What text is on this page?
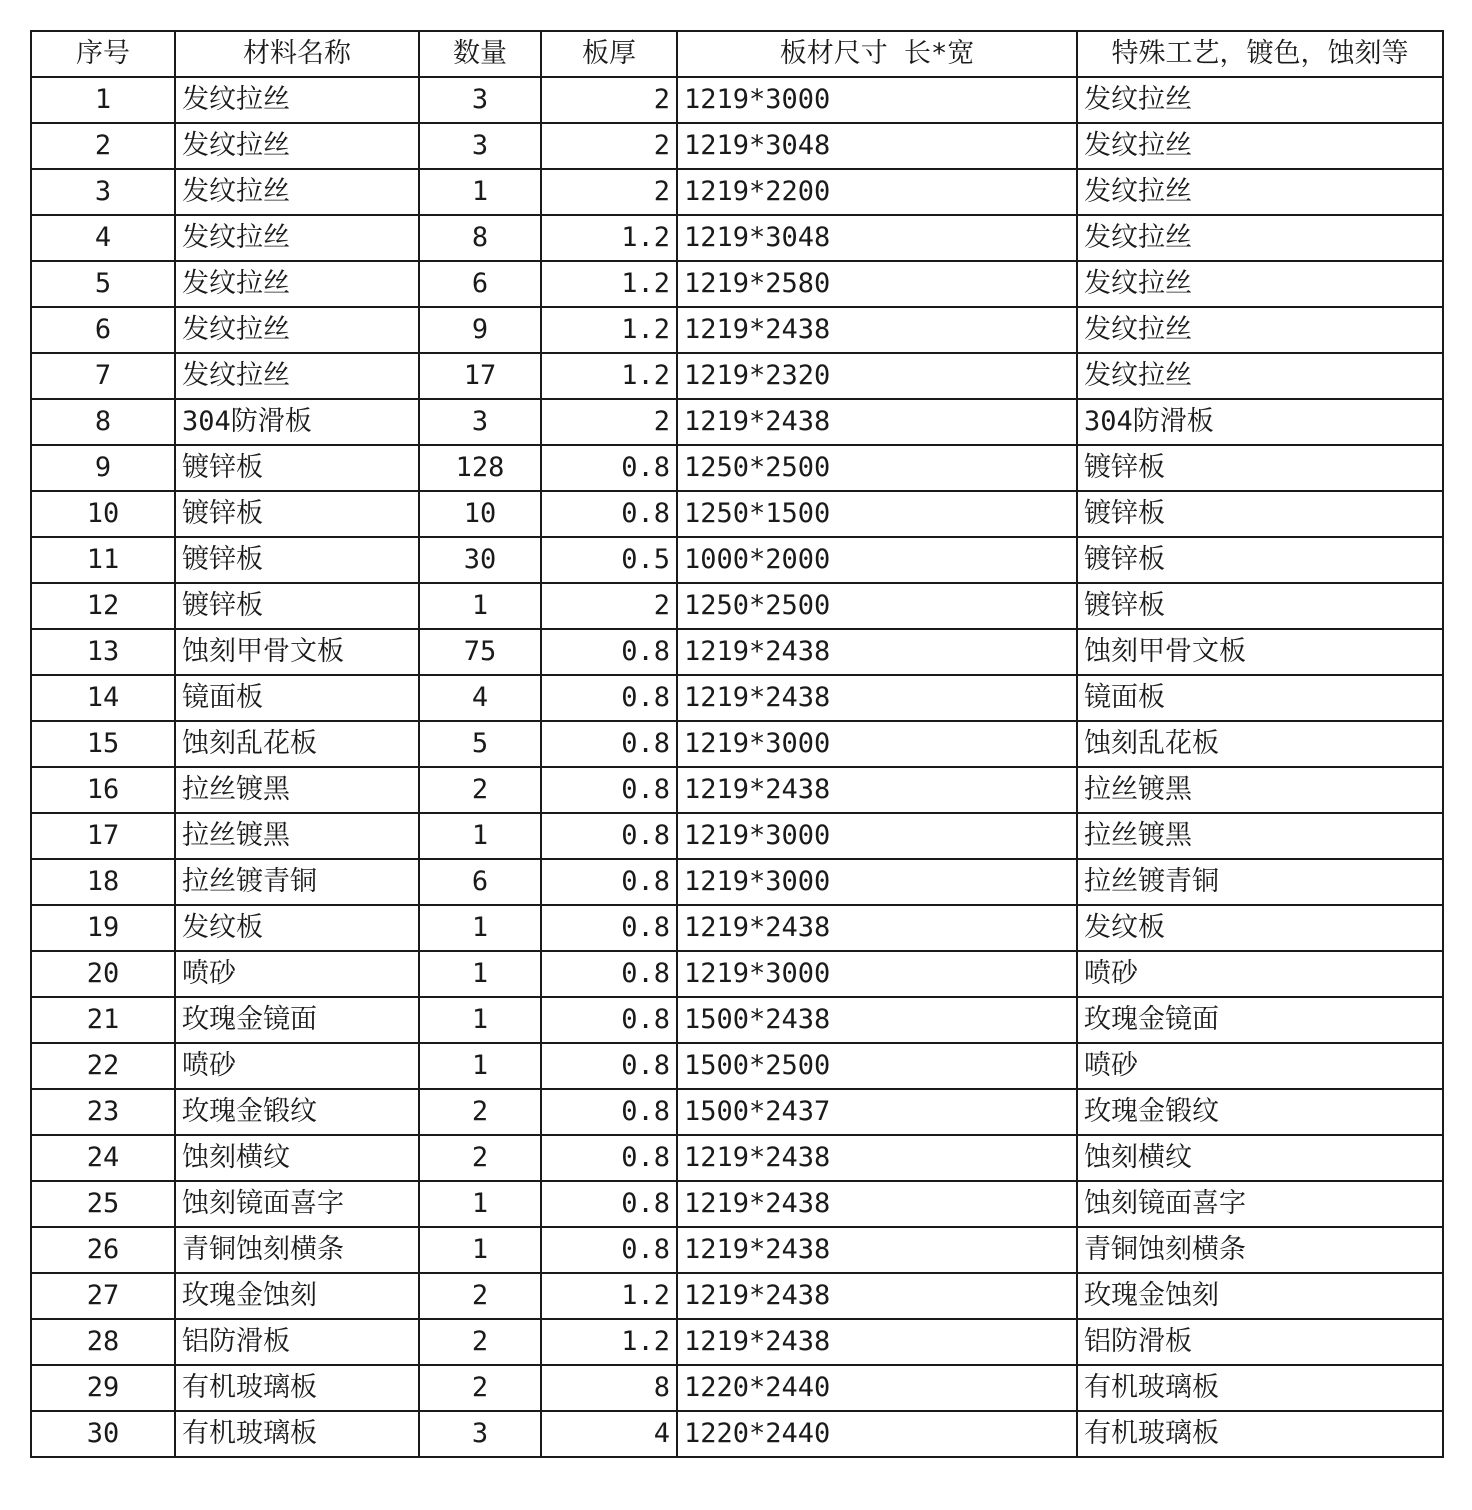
序号	材料名称	数量	板厚	板材尺寸 长*宽	特殊工艺，镀色，蚀刻等
1	发纹拉丝	3	2	1219*3000	发纹拉丝
2	发纹拉丝	3	2	1219*3048	发纹拉丝
3	发纹拉丝	1	2	1219*2200	发纹拉丝
4	发纹拉丝	8	1.2	1219*3048	发纹拉丝
5	发纹拉丝	6	1.2	1219*2580	发纹拉丝
6	发纹拉丝	9	1.2	1219*2438	发纹拉丝
7	发纹拉丝	17	1.2	1219*2320	发纹拉丝
8	304防滑板	3	2	1219*2438	304防滑板
9	镀锌板	128	0.8	1250*2500	镀锌板
10	镀锌板	10	0.8	1250*1500	镀锌板
11	镀锌板	30	0.5	1000*2000	镀锌板
12	镀锌板	1	2	1250*2500	镀锌板
13	蚀刻甲骨文板	75	0.8	1219*2438	蚀刻甲骨文板
14	镜面板	4	0.8	1219*2438	镜面板
15	蚀刻乱花板	5	0.8	1219*3000	蚀刻乱花板
16	拉丝镀黑	2	0.8	1219*2438	拉丝镀黑
17	拉丝镀黑	1	0.8	1219*3000	拉丝镀黑
18	拉丝镀青铜	6	0.8	1219*3000	拉丝镀青铜
19	发纹板	1	0.8	1219*2438	发纹板
20	喷砂	1	0.8	1219*3000	喷砂
21	玫瑰金镜面	1	0.8	1500*2438	玫瑰金镜面
22	喷砂	1	0.8	1500*2500	喷砂
23	玫瑰金锻纹	2	0.8	1500*2437	玫瑰金锻纹
24	蚀刻横纹	2	0.8	1219*2438	蚀刻横纹
25	蚀刻镜面喜字	1	0.8	1219*2438	蚀刻镜面喜字
26	青铜蚀刻横条	1	0.8	1219*2438	青铜蚀刻横条
27	玫瑰金蚀刻	2	1.2	1219*2438	玫瑰金蚀刻
28	铝防滑板	2	1.2	1219*2438	铝防滑板
29	有机玻璃板	2	8	1220*2440	有机玻璃板
30	有机玻璃板	3	4	1220*2440	有机玻璃板
